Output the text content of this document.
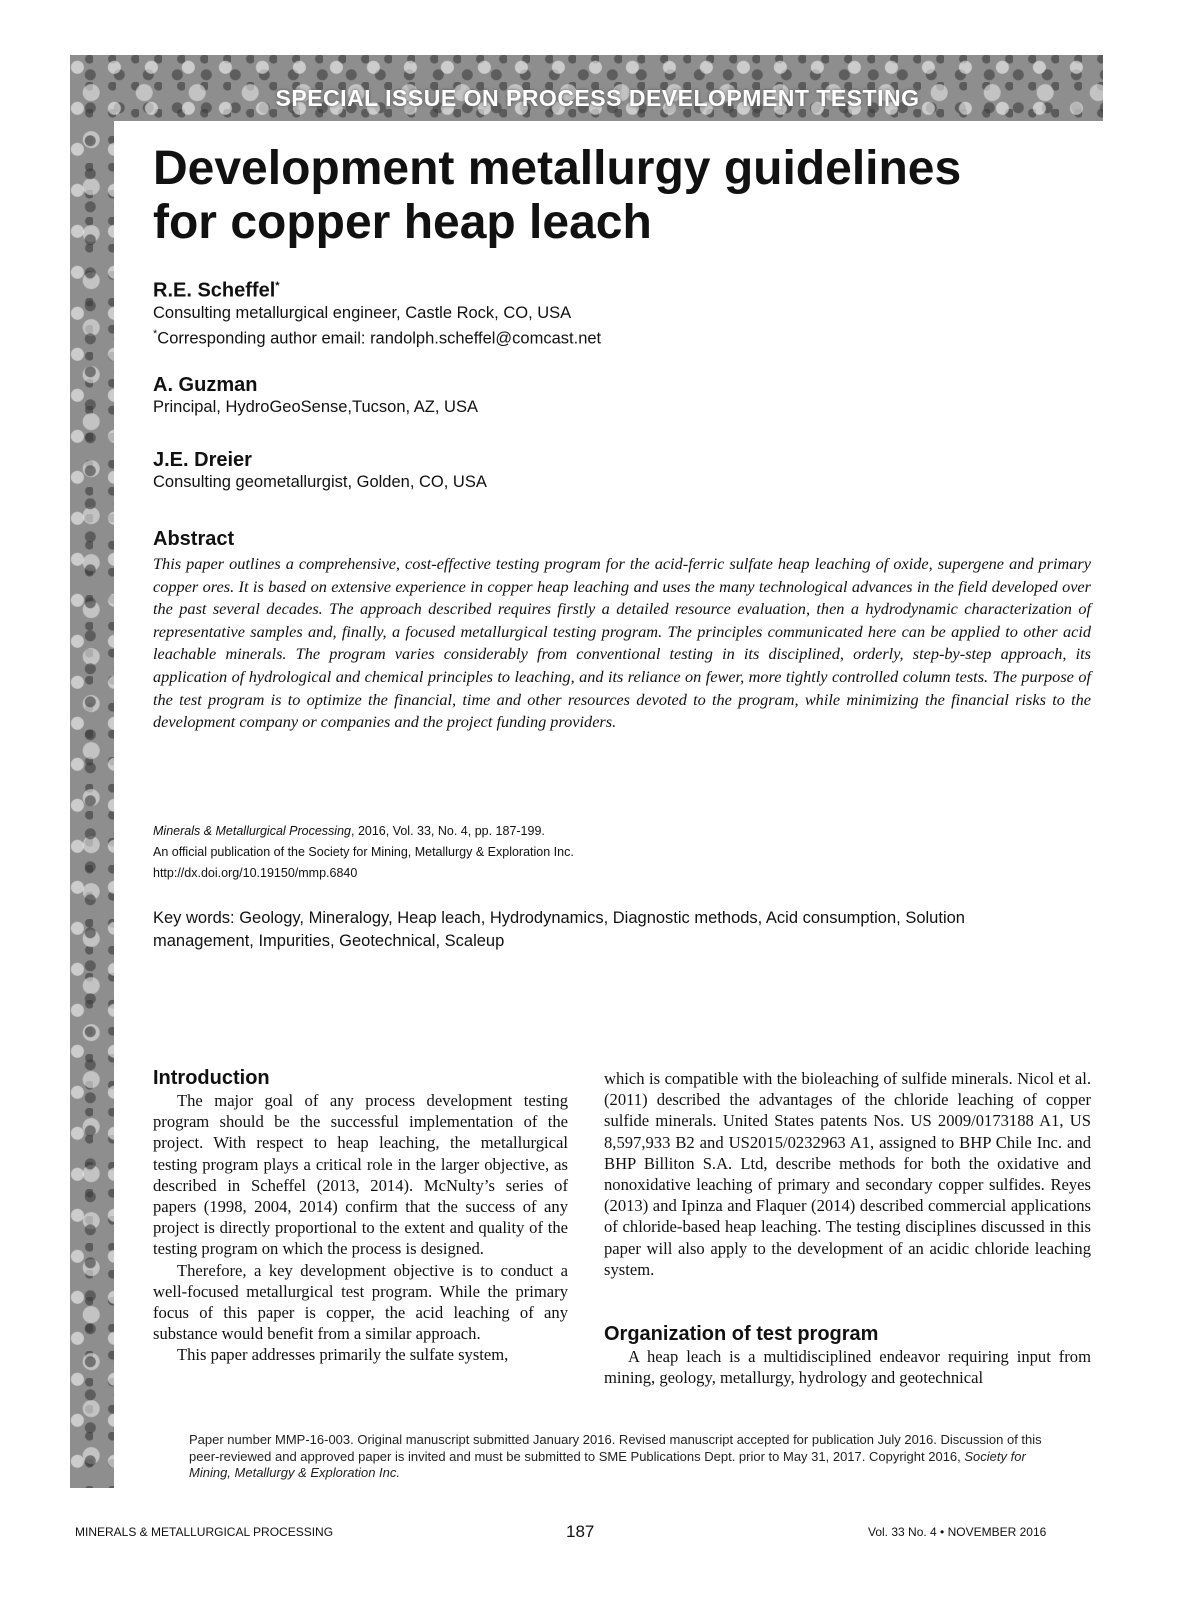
SPECIAL ISSUE ON PROCESS DEVELOPMENT TESTING
Development metallurgy guidelines
for copper heap leach
R.E. Scheffel*
Consulting metallurgical engineer, Castle Rock, CO, USA
*Corresponding author email: randolph.scheffel@comcast.net
A. Guzman
Principal, HydroGeoSense,Tucson, AZ, USA
J.E. Dreier
Consulting geometallurgist, Golden, CO, USA
Abstract
This paper outlines a comprehensive, cost-effective testing program for the acid-ferric sulfate heap leaching of oxide, supergene and primary copper ores. It is based on extensive experience in copper heap leaching and uses the many technological advances in the field developed over the past several decades. The approach described requires firstly a detailed resource evaluation, then a hydrodynamic characterization of representative samples and, finally, a focused metallurgical testing program. The principles communicated here can be applied to other acid leachable minerals. The program varies considerably from conventional testing in its disciplined, orderly, step-by-step approach, its application of hydrological and chemical principles to leaching, and its reliance on fewer, more tightly controlled column tests. The purpose of the test program is to optimize the financial, time and other resources devoted to the program, while minimizing the financial risks to the development company or companies and the project funding providers.
Minerals & Metallurgical Processing, 2016, Vol. 33, No. 4, pp. 187-199.
An official publication of the Society for Mining, Metallurgy & Exploration Inc.
http://dx.doi.org/10.19150/mmp.6840
Key words: Geology, Mineralogy, Heap leach, Hydrodynamics, Diagnostic methods, Acid consumption, Solution management, Impurities, Geotechnical, Scaleup
Introduction

The major goal of any process development testing program should be the successful implementation of the project. With respect to heap leaching, the metallurgical testing program plays a critical role in the larger objective, as described in Scheffel (2013, 2014). McNulty’s series of papers (1998, 2004, 2014) confirm that the success of any project is directly proportional to the extent and quality of the testing program on which the process is designed.

Therefore, a key development objective is to conduct a well-focused metallurgical test program. While the primary focus of this paper is copper, the acid leaching of any substance would benefit from a similar approach.

This paper addresses primarily the sulfate system,

which is compatible with the bioleaching of sulfide minerals. Nicol et al. (2011) described the advantages of the chloride leaching of copper sulfide minerals. United States patents Nos. US 2009/0173188 A1, US 8,597,933 B2 and US2015/0232963 A1, assigned to BHP Chile Inc. and BHP Billiton S.A. Ltd, describe methods for both the oxidative and nonoxidative leaching of primary and secondary copper sulfides. Reyes (2013) and Ipinza and Flaquer (2014) described commercial applications of chloride-based heap leaching. The testing disciplines discussed in this paper will also apply to the development of an acidic chloride leaching system.

Organization of test program

A heap leach is a multidisciplined endeavor requiring input from mining, geology, metallurgy, hydrology and geotechnical

Paper number MMP-16-003. Original manuscript submitted January 2016. Revised manuscript accepted for publication July 2016. Discussion of this peer-reviewed and approved paper is invited and must be submitted to SME Publications Dept. prior to May 31, 2017. Copyright 2016, Society for Mining, Metallurgy & Exploration Inc.
MINERALS & METALLURGICAL PROCESSING	187	Vol. 33 No. 4 • NOVEMBER 2016
